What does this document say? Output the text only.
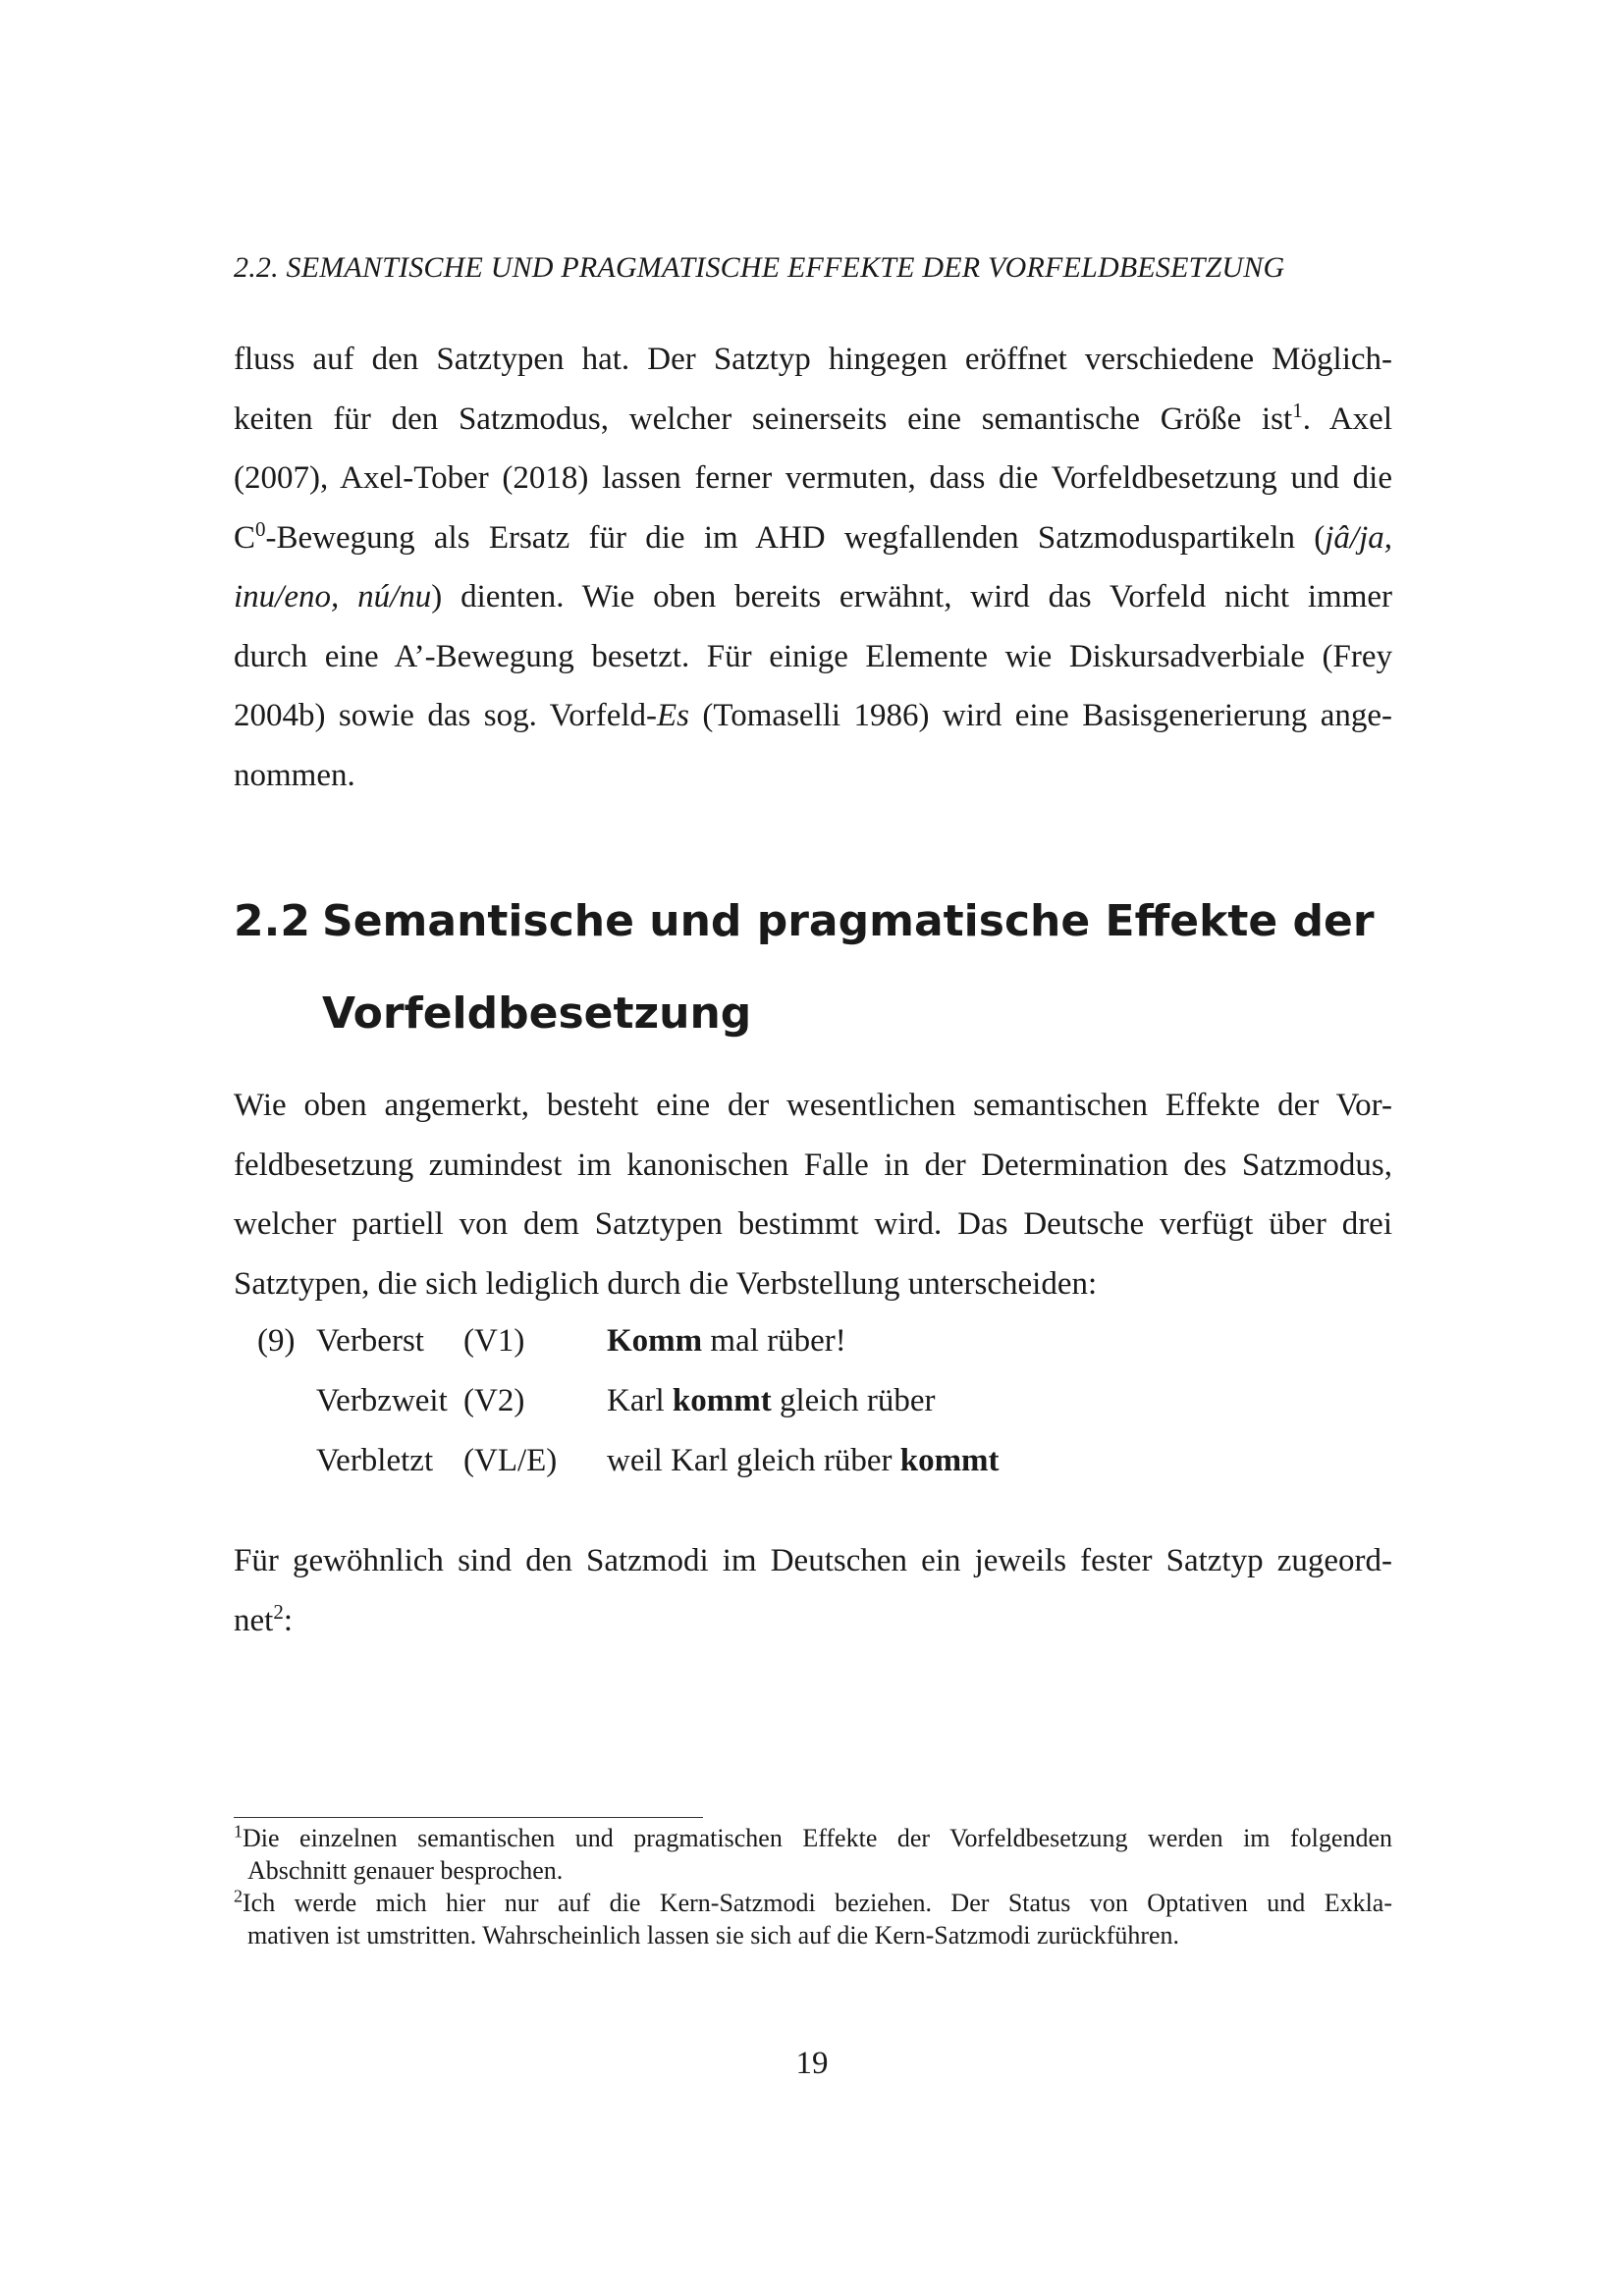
2.2. SEMANTISCHE UND PRAGMATISCHE EFFEKTE DER VORFELDBESETZUNG
fluss auf den Satztypen hat. Der Satztyp hingegen eröffnet verschiedene Möglich-
keiten für den Satzmodus, welcher seinerseits eine semantische Größe ist$^1$. Axel
(2007), Axel-Tober (2018) lassen ferner vermuten, dass die Vorfeldbesetzung und die
$C^0$-Bewegung als Ersatz für die im AHD wegfallenden Satzmoduspartikeln (jâ/ja,
inu/eno, nú/nu) dienten. Wie oben bereits erwähnt, wird das Vorfeld nicht immer
durch eine A’-Bewegung besetzt. Für einige Elemente wie Diskursadverbiale (Frey
2004b) sowie das sog. Vorfeld-Es (Tomaselli 1986) wird eine Basisgenerierung ange-
nommen.
2.2 Semantische und pragmatische Effekte der
Vorfeldbesetzung
Wie oben angemerkt, besteht eine der wesentlichen semantischen Effekte der Vor-
feldbesetzung zumindest im kanonischen Falle in der Determination des Satzmodus,
welcher partiell von dem Satztypen bestimmt wird. Das Deutsche verfügt über drei
Satztypen, die sich lediglich durch die Verbstellung unterscheiden:
(9) Verberst (V1)	Komm mal rüber!
Verbzweit (V2)	Karl kommt gleich rüber
Verbletzt (VL/E) weil Karl gleich rüber kommt
Für gewöhnlich sind den Satzmodi im Deutschen ein jeweils fester Satztyp zugeord-
net$^2$:
$^1$Die einzelnen semantischen und pragmatischen Effekte der Vorfeldbesetzung werden im folgenden
Abschnitt genauer besprochen.
$^2$Ich werde mich hier nur auf die Kern-Satzmodi beziehen. Der Status von Optativen und Exkla-
mativen ist umstritten. Wahrscheinlich lassen sie sich auf die Kern-Satzmodi zurückführen.
19
